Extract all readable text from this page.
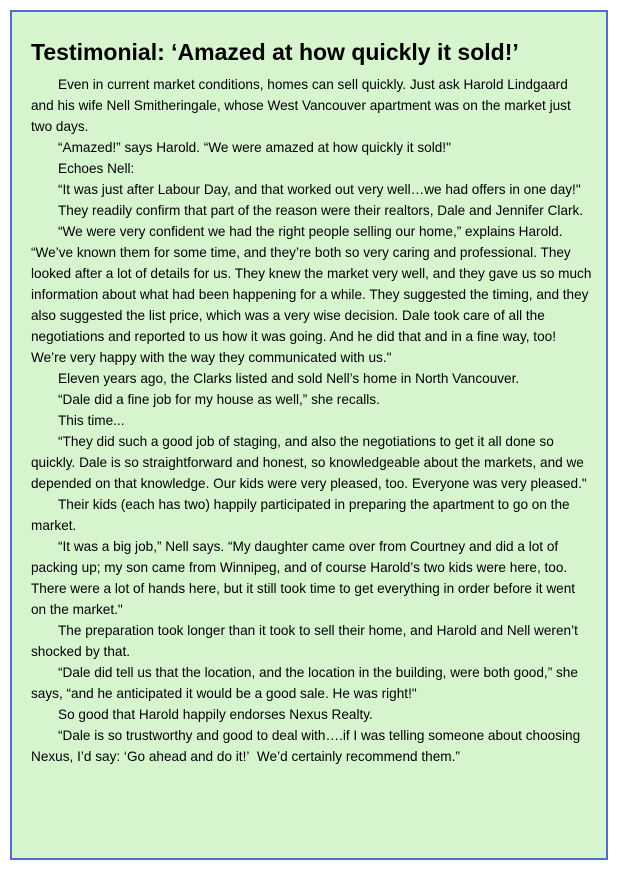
Testimonial: ‘Amazed at how quickly it sold!’

Even in current market conditions, homes can sell quickly. Just ask Harold Lindgaard and his wife Nell Smitheringale, whose West Vancouver apartment was on the market just two days.

“Amazed!” says Harold. “We were amazed at how quickly it sold!"

Echoes Nell:

“It was just after Labour Day, and that worked out very well…we had offers in one day!"

They readily confirm that part of the reason were their realtors, Dale and Jennifer Clark.

“We were very confident we had the right people selling our home,” explains Harold. “We’ve known them for some time, and they’re both so very caring and professional. They looked after a lot of details for us. They knew the market very well, and they gave us so much information about what had been happening for a while. They suggested the timing, and they also suggested the list price, which was a very wise decision. Dale took care of all the negotiations and reported to us how it was going. And he did that and in a fine way, too! We’re very happy with the way they communicated with us."

Eleven years ago, the Clarks listed and sold Nell’s home in North Vancouver.

“Dale did a fine job for my house as well,” she recalls.

This time...

“They did such a good job of staging, and also the negotiations to get it all done so quickly. Dale is so straightforward and honest, so knowledgeable about the markets, and we depended on that knowledge. Our kids were very pleased, too. Everyone was very pleased."

Their kids (each has two) happily participated in preparing the apartment to go on the market.

“It was a big job,” Nell says. “My daughter came over from Courtney and did a lot of packing up; my son came from Winnipeg, and of course Harold’s two kids were here, too. There were a lot of hands here, but it still took time to get everything in order before it went on the market."

The preparation took longer than it took to sell their home, and Harold and Nell weren’t shocked by that.

“Dale did tell us that the location, and the location in the building, were both good,” she says, “and he anticipated it would be a good sale. He was right!"

So good that Harold happily endorses Nexus Realty.

“Dale is so trustworthy and good to deal with….if I was telling someone about choosing Nexus, I’d say: ‘Go ahead and do it!’  We’d certainly recommend them.”
